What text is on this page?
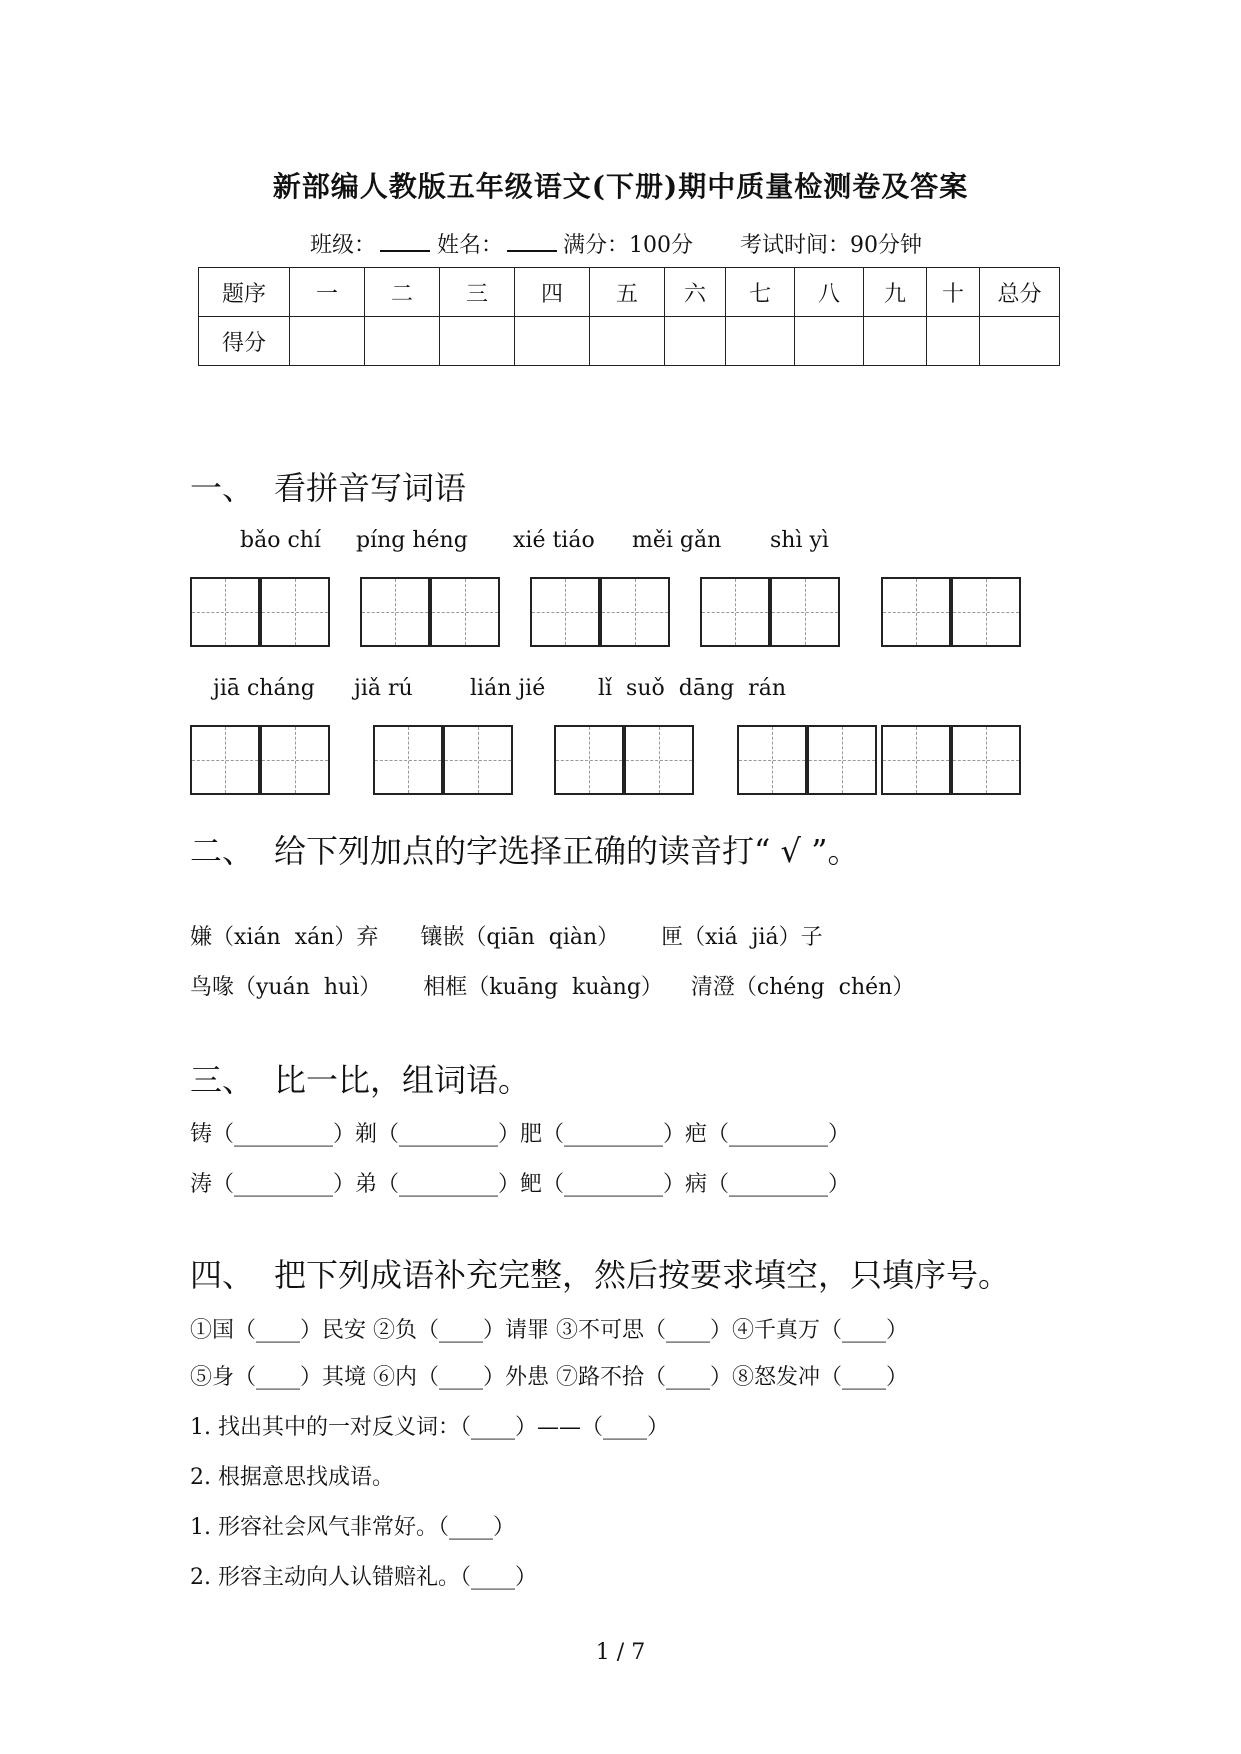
新部编人教版五年级语文(下册)期中质量检测卷及答案
班级：	姓名：	满分：100分 考试时间：90分钟
题序	一	二	三	四	五	六	七	八	九	十	总分
得分											
一、 看拼音写词语
bǎo chí píng héng xié tiáo měi gǎn shì yì
jiā cháng jiǎ rú	lián jié lǐ  suǒ  dāng  rán
二、 给下列加点的字选择正确的读音打“ √ ”。
嫌（xián  xán）弃      镶嵌（qiān  qiàn）      匣（xiá  jiá）子
鸟喙（yuán  huì）      相框（kuāng  kuàng）    清澄（chéng  chén）
三、 比一比，组词语。
铸（_________）剃（_________）肥（_________）疤（_________）
涛（_________）弟（_________）鲃（_________）病（_________）
四、 把下列成语补充完整，然后按要求填空，只填序号。
①国（____）民安 ②负（____）请罪 ③不可思（____）④千真万（____）
⑤身（____）其境 ⑥内（____）外患 ⑦路不拾（____）⑧怒发冲（____）
1. 找出其中的一对反义词：（____）——（____）
2. 根据意思找成语。
1. 形容社会风气非常好。（____）
2. 形容主动向人认错赔礼。（____）
1 / 7
